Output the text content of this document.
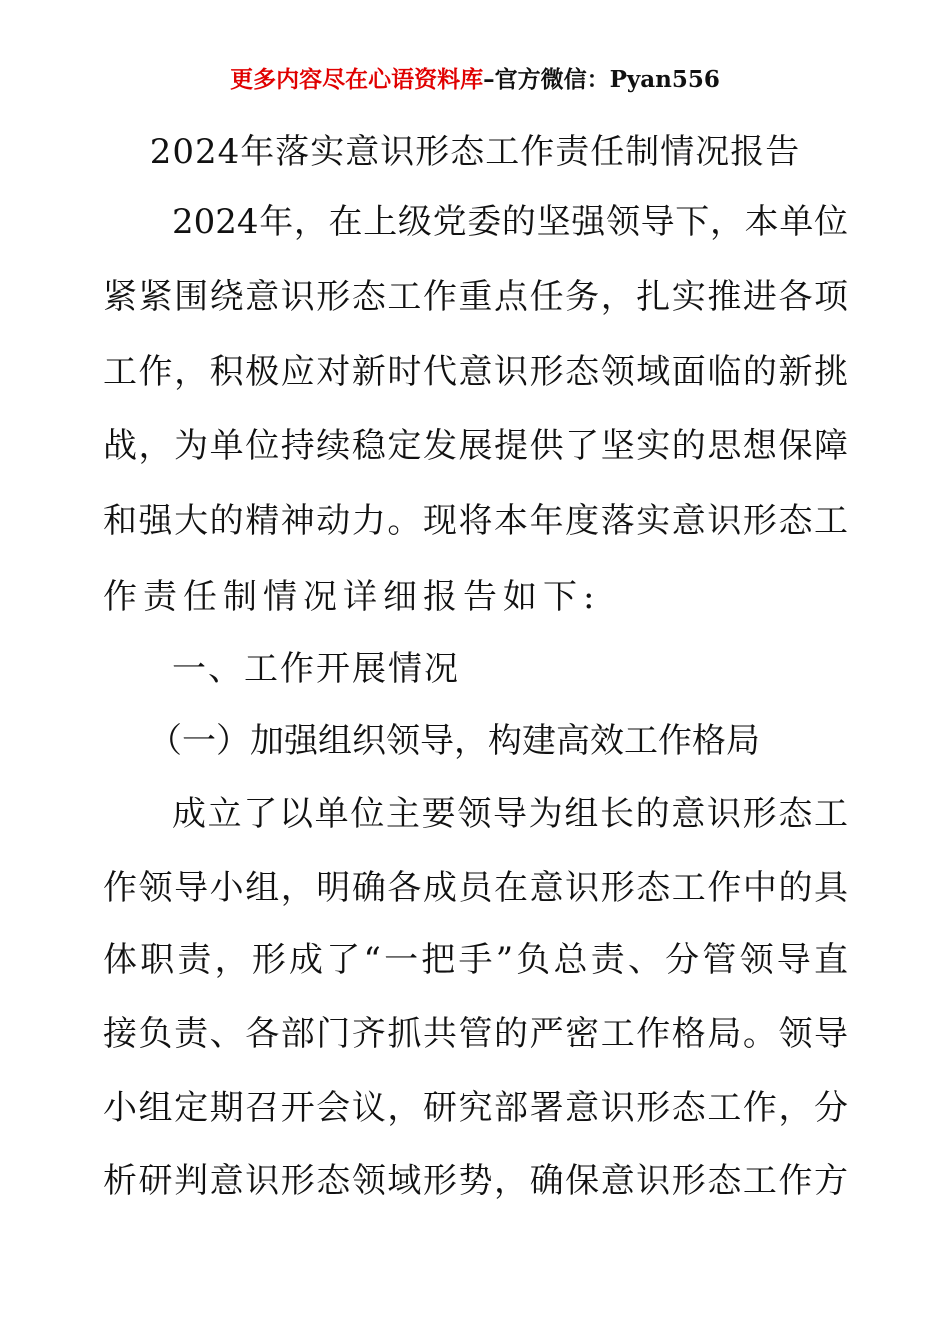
更多内容尽在心语资料库–官方微信：Pyan556
2024年落实意识形态工作责任制情况报告
2024年，在上级党委的坚强领导下，本单位
紧紧围绕意识形态工作重点任务，扎实推进各项
工作，积极应对新时代意识形态领域面临的新挑
战，为单位持续稳定发展提供了坚实的思想保障
和强大的精神动力。现将本年度落实意识形态工
作责任制情况详细报告如下:
一、工作开展情况
（一）加强组织领导，构建高效工作格局
成立了以单位主要领导为组长的意识形态工
作领导小组，明确各成员在意识形态工作中的具
体职责，形成了“一把手”负总责、分管领导直
接负责、各部门齐抓共管的严密工作格局。领导
小组定期召开会议，研究部署意识形态工作，分
析研判意识形态领域形势，确保意识形态工作方
